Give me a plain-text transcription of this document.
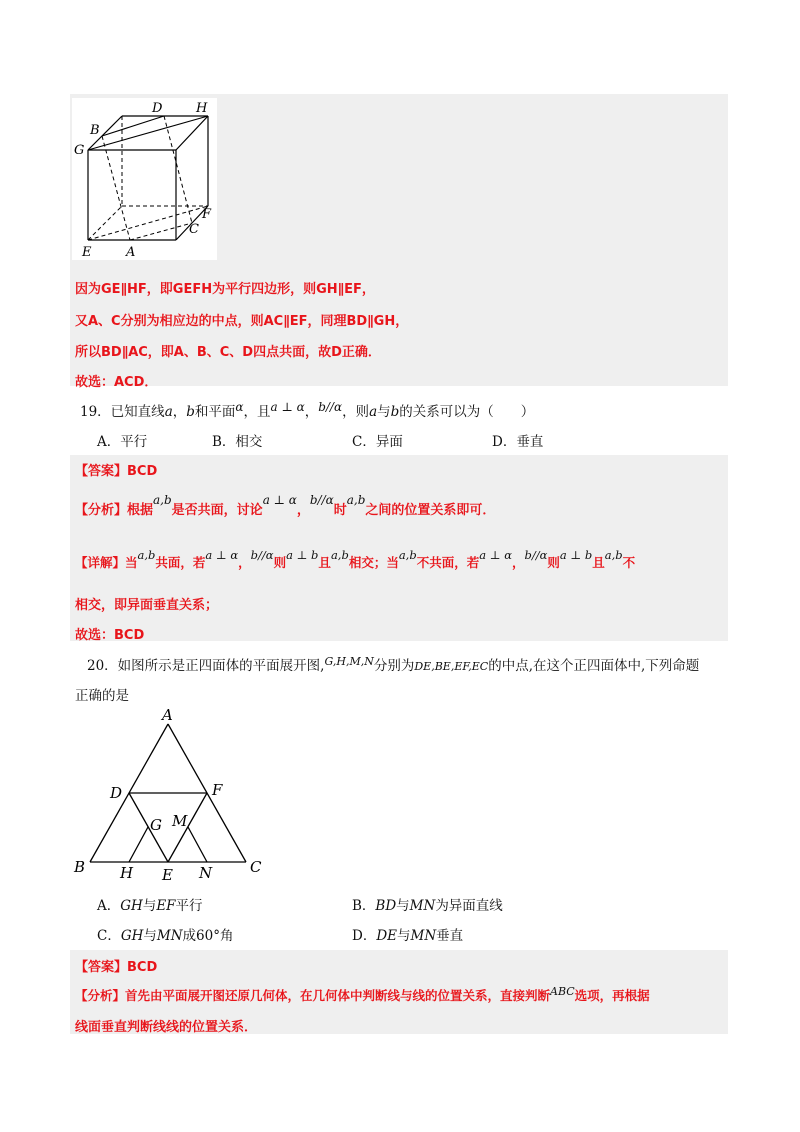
D	H
B
G
F
C
E	A
因为GE∥HF，即GEFH为平行四边形，则GH∥EF，
又A、C分别为相应边的中点，则AC∥EF，同理BD∥GH，
所以BD∥AC，即A、B、C、D四点共面，故D正确．
故选：ACD．
19．已知直线a，b和平面α，且a ⊥ α，b//α，则a与b的关系可以为（　　）
A．平行	B．相交	C．异面	D．垂直
【答案】BCD
【分析】根据a,b是否共面，讨论a ⊥ α，b//α时a,b之间的位置关系即可．
【详解】当a,b共面，若a ⊥ α，b//α则a ⊥ b且a,b相交；当a,b不共面，若a ⊥ α，b//α则a ⊥ b且a,b不
相交，即异面垂直关系；
故选：BCD
20．如图所示是正四面体的平面展开图,$^{G,H,M,N}$分别为DE,BE,EF,EC的中点,在这个正四面体中,下列命题
正确的是
A
D	F
G M
B H E N	C
A．GH与EF平行	B．BD与MN为异面直线
C．GH与MN成60°角	D．DE与MN垂直
【答案】BCD
【分析】首先由平面展开图还原几何体，在几何体中判断线与线的位置关系，直接判断ABC选项，再根据
线面垂直判断线线的位置关系．
